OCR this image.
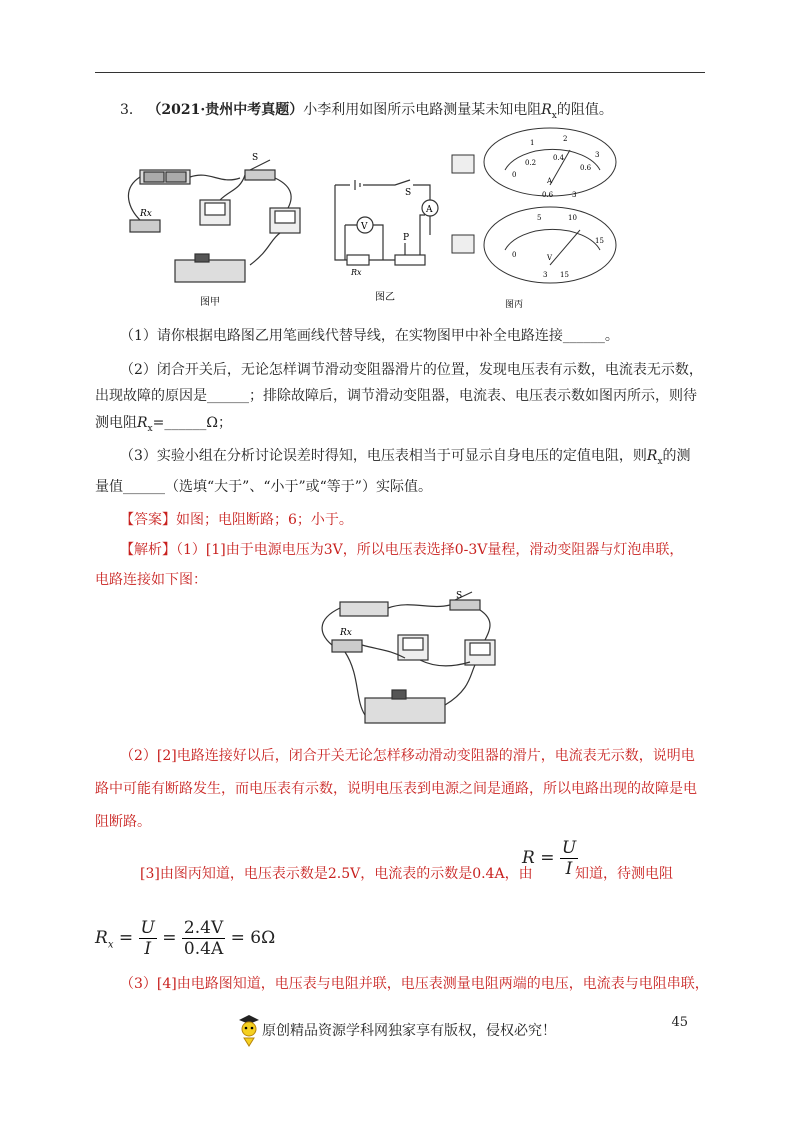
3． （2021·贵州中考真题）小李利用如图所示电路测量某未知电阻$R_x$的阻值。
Rx
S
图甲
A
V
P
S
Rx
图乙
0
1	2
3
0.2
0.4
0.6
A
0.6	3
0
5	10
15
V
3 15
图丙
（1）请你根据电路图乙用笔画线代替导线，在实物图甲中补全电路连接______。
（2）闭合开关后，无论怎样调节滑动变阻器滑片的位置，发现电压表有示数，电流表无示数，
出现故障的原因是______；排除故障后，调节滑动变阻器，电流表、电压表示数如图丙所示，则待
测电阻$R_x=\_\_\_\_\_\_\Omega$；
（3）实验小组在分析讨论误差时得知，电压表相当于可显示自身电压的定值电阻，则$R_x$的测
量值______（选填“大于”、“小于”或“等于”）实际值。
【答案】如图；电阻断路；6；小于。
【解析】（1）[1]由于电源电压为3V，所以电压表选择0-3V量程，滑动变阻器与灯泡串联，
电路连接如下图：
Rx
S
（2）[2]电路连接好以后，闭合开关无论怎样移动滑动变阻器的滑片，电流表无示数，说明电
路中可能有断路发生，而电压表有示数，说明电压表到电源之间是通路，所以电路出现的故障是电
阻断路。
[3]由图丙知道，电压表示数是2.5V，电流表的示数是0.4A，由
$R = \frac{U}{I}$
知道，待测电阻
$R_x = \frac{U}{I} = \frac{2.4V}{0.4A} = 6\Omega$
（3）[4]由电路图知道，电压表与电阻并联，电压表测量电阻两端的电压，电流表与电阻串联，
45
原创精品资源学科网独家享有版权，侵权必究！
